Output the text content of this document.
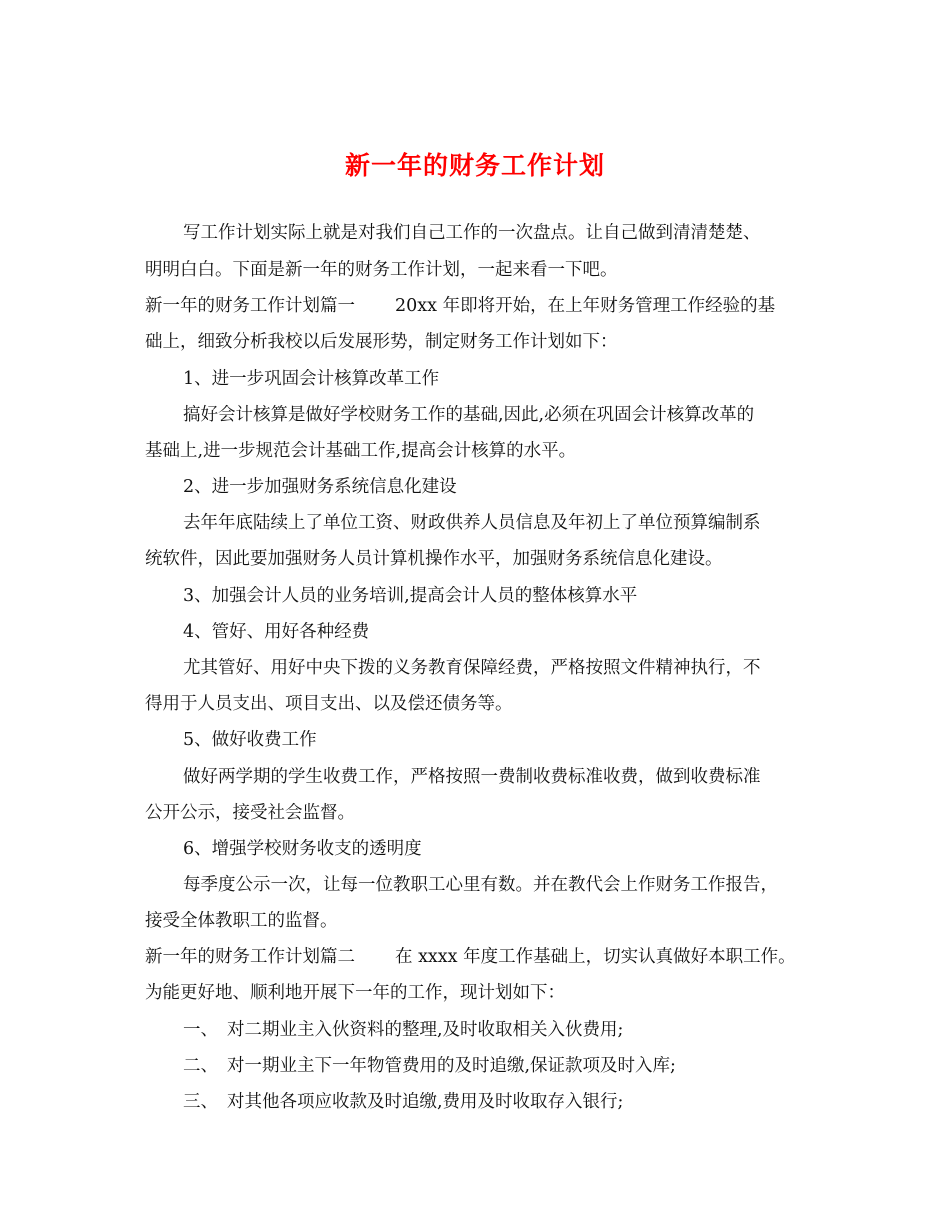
新一年的财务工作计划
写工作计划实际上就是对我们自己工作的一次盘点。让自己做到清清楚楚、
明明白白。下面是新一年的财务工作计划，一起来看一下吧。
新一年的财务工作计划篇一 20xx 年即将开始，在上年财务管理工作经验的基
础上，细致分析我校以后发展形势，制定财务工作计划如下：
1、进一步巩固会计核算改革工作
搞好会计核算是做好学校财务工作的基础,因此,必须在巩固会计核算改革的
基础上,进一步规范会计基础工作,提高会计核算的水平。
2、进一步加强财务系统信息化建设
去年年底陆续上了单位工资、财政供养人员信息及年初上了单位预算编制系
统软件，因此要加强财务人员计算机操作水平，加强财务系统信息化建设。
3、加强会计人员的业务培训,提高会计人员的整体核算水平
4、管好、用好各种经费
尤其管好、用好中央下拨的义务教育保障经费，严格按照文件精神执行，不
得用于人员支出、项目支出、以及偿还债务等。
5、做好收费工作
做好两学期的学生收费工作，严格按照一费制收费标准收费，做到收费标准
公开公示，接受社会监督。
6、增强学校财务收支的透明度
每季度公示一次，让每一位教职工心里有数。并在教代会上作财务工作报告，
接受全体教职工的监督。
新一年的财务工作计划篇二 在 xxxx 年度工作基础上，切实认真做好本职工作。
为能更好地、顺利地开展下一年的工作，现计划如下：
一、 对二期业主入伙资料的整理,及时收取相关入伙费用;
二、 对一期业主下一年物管费用的及时追缴,保证款项及时入库;
三、 对其他各项应收款及时追缴,费用及时收取存入银行;
